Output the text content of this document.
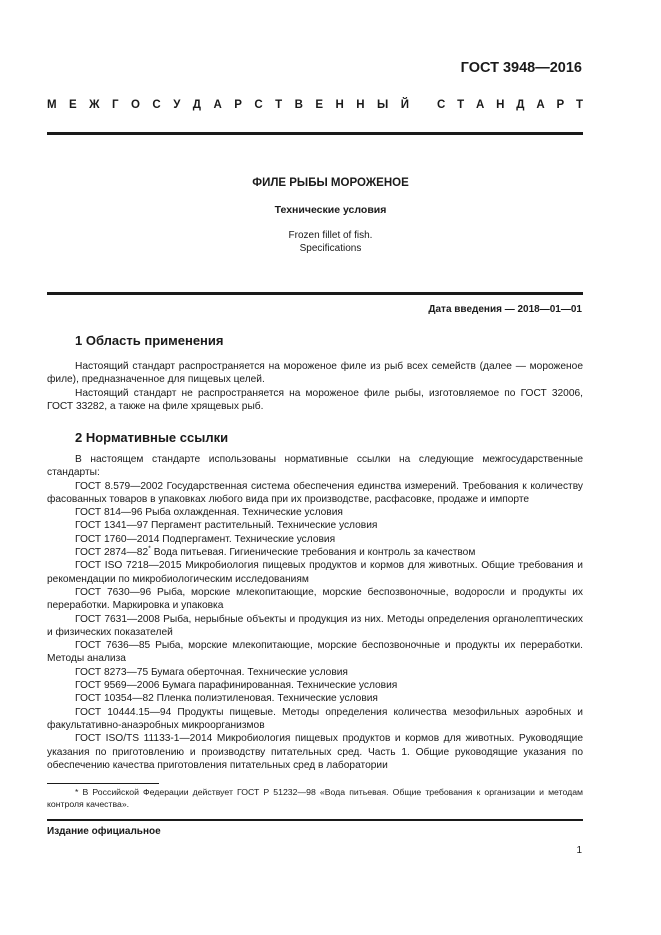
ГОСТ 3948—2016
М Е Ж Г О С У Д А Р С Т В Е Н Н Ы Й С Т А Н Д А Р Т
ФИЛЕ РЫБЫ МОРОЖЕНОЕ
Технические условия
Frozen fillet of fish.
Specifications
Дата введения — 2018—01—01
1 Область применения

Настоящий стандарт распространяется на мороженое филе из рыб всех семейств (далее — мороженое филе), предназначенное для пищевых целей.

Настоящий стандарт не распространяется на мороженое филе рыбы, изготовляемое по ГОСТ 32006, ГОСТ 33282, а также на филе хрящевых рыб.

2 Нормативные ссылки

В настоящем стандарте использованы нормативные ссылки на следующие межгосударственные стандарты:

ГОСТ 8.579—2002 Государственная система обеспечения единства измерений. Требования к количеству фасованных товаров в упаковках любого вида при их производстве, расфасовке, продаже и импорте

ГОСТ 814—96 Рыба охлажденная. Технические условия

ГОСТ 1341—97 Пергамент растительный. Технические условия

ГОСТ 1760—2014 Подпергамент. Технические условия

ГОСТ 2874—82* Вода питьевая. Гигиенические требования и контроль за качеством

ГОСТ ISO 7218—2015 Микробиология пищевых продуктов и кормов для животных. Общие требования и рекомендации по микробиологическим исследованиям

ГОСТ 7630—96 Рыба, морские млекопитающие, морские беспозвоночные, водоросли и продукты их переработки. Маркировка и упаковка

ГОСТ 7631—2008 Рыба, нерыбные объекты и продукция из них. Методы определения органолептических и физических показателей

ГОСТ 7636—85 Рыба, морские млекопитающие, морские беспозвоночные и продукты их переработки. Методы анализа

ГОСТ 8273—75 Бумага оберточная. Технические условия

ГОСТ 9569—2006 Бумага парафинированная. Технические условия

ГОСТ 10354—82 Пленка полиэтиленовая. Технические условия

ГОСТ 10444.15—94 Продукты пищевые. Методы определения количества мезофильных аэробных и факультативно-анаэробных микроорганизмов

ГОСТ ISO/TS 11133-1—2014 Микробиология пищевых продуктов и кормов для животных. Руководящие указания по приготовлению и производству питательных сред. Часть 1. Общие руководящие указания по обеспечению качества приготовления питательных сред в лаборатории

* В Российской Федерации действует ГОСТ Р 51232—98 «Вода питьевая. Общие требования к организации и методам контроля качества».

Издание официальное
1
